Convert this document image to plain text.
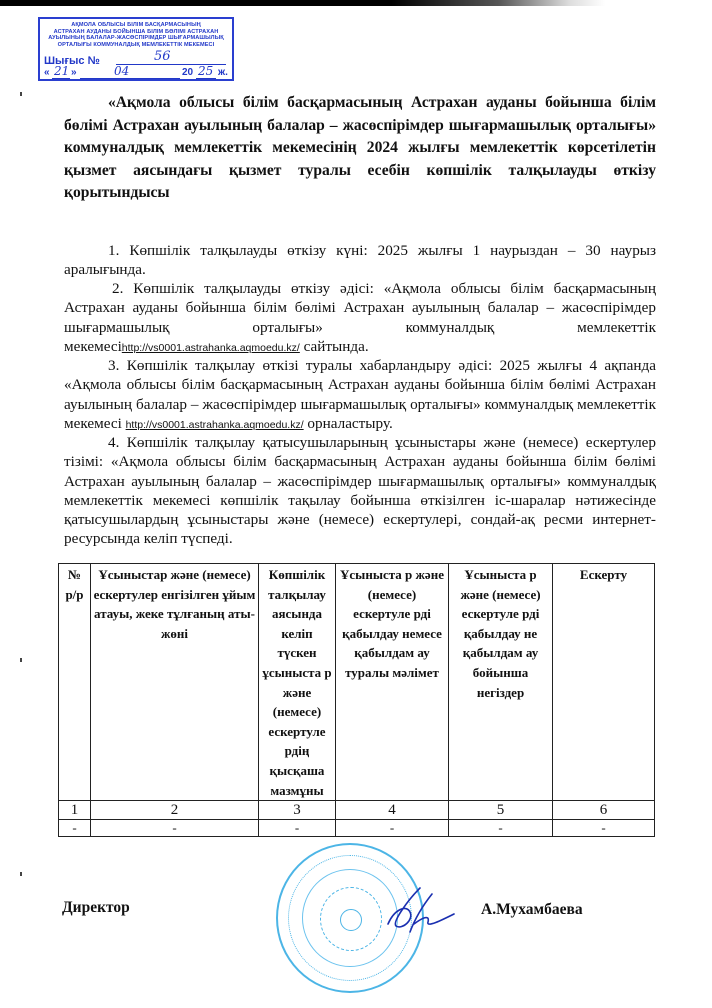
АҚМОЛА ОБЛЫСЫ БІЛІМ БАСҚАРМАСЫНЫҢ
АСТРАХАН АУДАНЫ БОЙЫНША БІЛІМ БӨЛІМІ АСТРАХАН
АУЫЛЫНЫҢ БАЛАЛАР-ЖАСӨСПІРІМДЕР ШЫҒАРМАШЫЛЫҚ
ОРТАЛЫҒЫ КОММУНАЛДЫҚ МЕМЛЕКЕТТІК МЕКЕМЕСІ
Шығыс №	56
« 21 »	04	20 25 ж.
«Ақмола облысы білім басқармасының Астрахан ауданы бойынша білім бөлімі Астрахан ауылының балалар – жасөспірімдер шығармашылық орталығы» коммуналдық мемлекеттік мекемесінің 2024 жылғы мемлекеттік көрсетілетін қызмет аясындағы қызмет туралы есебін көпшілік талқылауды өткізу қорытындысы
1. Көпшілік талқылауды өткізу күні: 2025 жылғы 1 наурыздан – 30 наурыз аралығында.
2. Көпшілік талқылауды өткізу әдісі: «Ақмола облысы білім басқармасының Астрахан ауданы бойынша білім бөлімі Астрахан ауылының балалар – жасөспірімдер шығармашылық орталығы» коммуналдық мемлекеттік мекемесіhttp://vs0001.astrahanka.aqmoedu.kz/ сайтында.
3. Көпшілік талқылау өткізі туралы хабарландыру әдісі: 2025 жылғы 4 ақпанда «Ақмола облысы білім басқармасының Астрахан ауданы бойынша білім бөлімі Астрахан ауылының балалар – жасөспірімдер шығармашылық орталығы» коммуналдық мемлекеттік мекемесі http://vs0001.astrahanka.aqmoedu.kz/ орналастыру.
4. Көпшілік талқылау қатысушыларының ұсыныстары және (немесе) ескертулер тізімі: «Ақмола облысы білім басқармасының Астрахан ауданы бойынша білім бөлімі Астрахан ауылының балалар – жасөспірімдер шығармашылық орталығы» коммуналдық мемлекеттік мекемесі көпшілік тақылау бойынша өткізілген іс-шаралар нәтижесінде қатысушылардың ұсыныстары және (немесе) ескертулері, сондай-ақ ресми интернет-ресурсында келіп түспеді.
№ р/р	Ұсыныстар және (немесе) ескертулер енгізілген ұйым атауы, жеке тұлғаның аты-жөні	Көпшілік талқылау аясында келіп түскен ұсыныста р және (немесе) ескертуле рдің қысқаша мазмұны	Ұсыныста р және (немесе) ескертуле рді қабылдау немесе қабылдам ау туралы мәлімет	Ұсыныста р және (немесе) ескертуле рді қабылдау не қабылдам ау бойынша негіздер	Ескерту
1	2	3	4	5	6
-	-	-	-	-	-
Директор	А.Мухамбаева
